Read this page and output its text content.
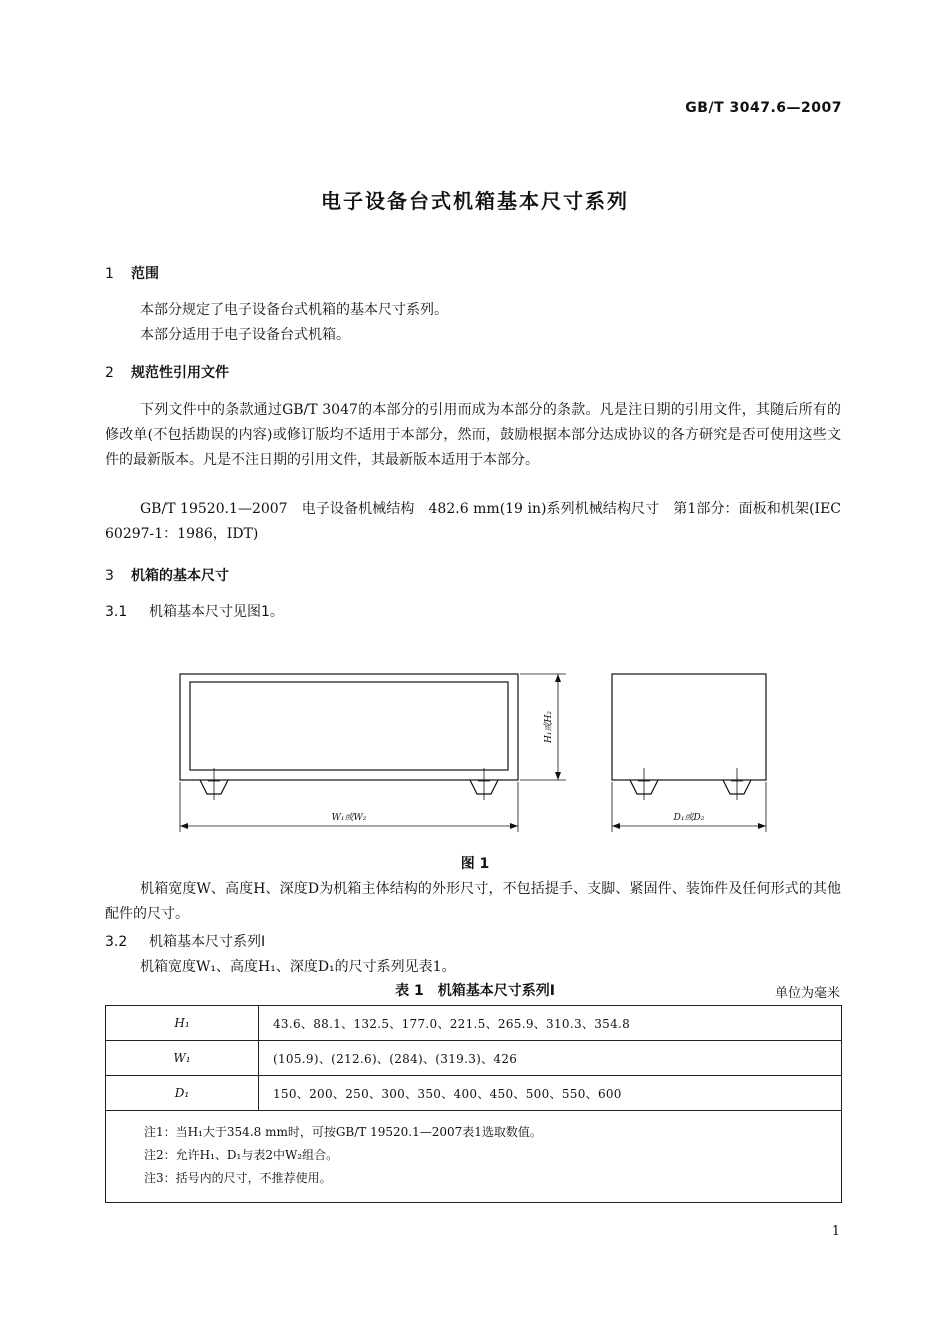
GB/T 3047.6—2007
电子设备台式机箱基本尺寸系列
1 范围
本部分规定了电子设备台式机箱的基本尺寸系列。
本部分适用于电子设备台式机箱。
2 规范性引用文件
下列文件中的条款通过GB/T 3047的本部分的引用而成为本部分的条款。凡是注日期的引用文件，其随后所有的修改单(不包括勘误的内容)或修订版均不适用于本部分，然而，鼓励根据本部分达成协议的各方研究是否可使用这些文件的最新版本。凡是不注日期的引用文件，其最新版本适用于本部分。
GB/T 19520.1—2007　电子设备机械结构　482.6 mm(19 in)系列机械结构尺寸　第1部分：面板和机架(IEC 60297-1：1986，IDT)
3 机箱的基本尺寸
3.1 机箱基本尺寸见图1。
H₁或H₂
W₁或W₂	D₁或D₂
图 1
机箱宽度W、高度H、深度D为机箱主体结构的外形尺寸，不包括提手、支脚、紧固件、装饰件及任何形式的其他配件的尺寸。
3.2 机箱基本尺寸系列Ⅰ
机箱宽度W₁、高度H₁、深度D₁的尺寸系列见表1。
表 1　机箱基本尺寸系列Ⅰ	单位为毫米
H₁	43.6、88.1、132.5、177.0、221.5、265.9、310.3、354.8
W₁	(105.9)、(212.6)、(284)、(319.3)、426
D₁	150、200、250、300、350、400、450、500、550、600

注1：当H₁大于354.8 mm时，可按GB/T 19520.1—2007表1选取数值。
注2：允许H₁、D₁与表2中W₂组合。
注3：括号内的尺寸，不推荐使用。	
1
